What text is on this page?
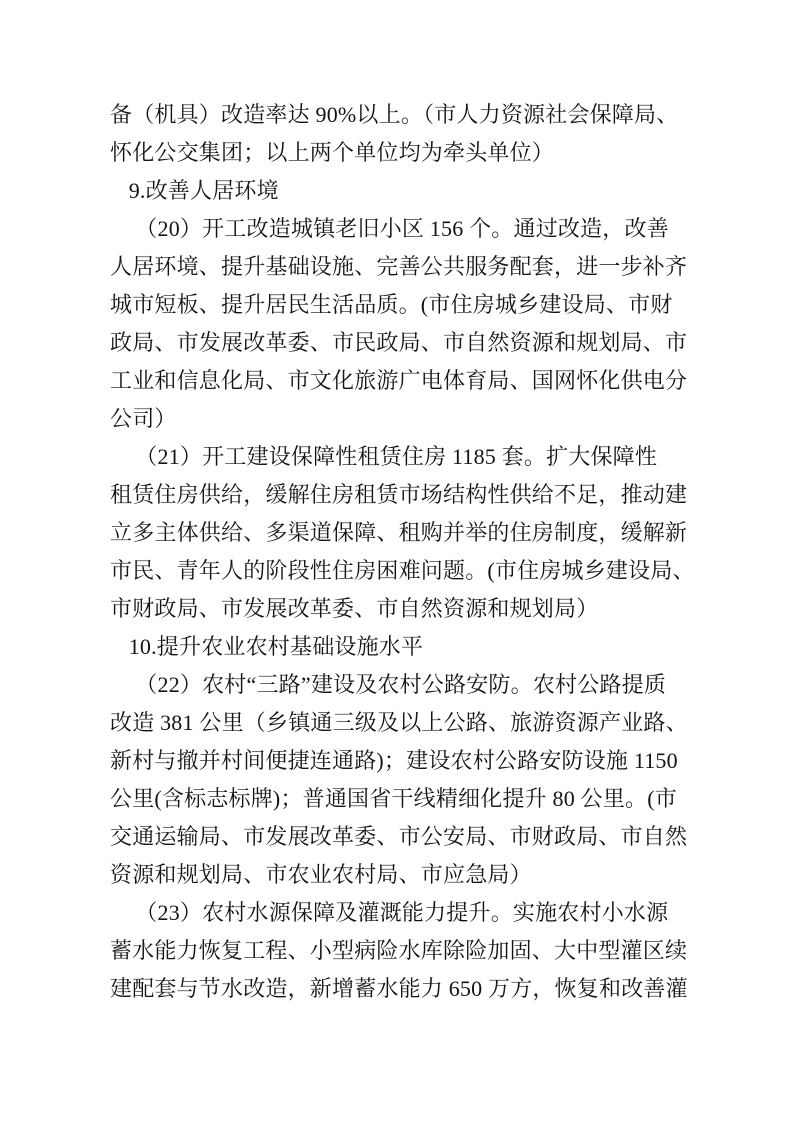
备（机具）改造率达 90%以上。（市人力资源社会保障局、
怀化公交集团；以上两个单位均为牵头单位）
9.改善人居环境
（20）开工改造城镇老旧小区 156 个。通过改造，改善
人居环境、提升基础设施、完善公共服务配套，进一步补齐
城市短板、提升居民生活品质。(市住房城乡建设局、市财
政局、市发展改革委、市民政局、市自然资源和规划局、市
工业和信息化局、市文化旅游广电体育局、国网怀化供电分
公司）
（21）开工建设保障性租赁住房 1185 套。扩大保障性
租赁住房供给，缓解住房租赁市场结构性供给不足，推动建
立多主体供给、多渠道保障、租购并举的住房制度，缓解新
市民、青年人的阶段性住房困难问题。(市住房城乡建设局、
市财政局、市发展改革委、市自然资源和规划局）
10.提升农业农村基础设施水平
（22）农村“三路”建设及农村公路安防。农村公路提质
改造 381 公里（乡镇通三级及以上公路、旅游资源产业路、
新村与撤并村间便捷连通路)；建设农村公路安防设施 1150
公里(含标志标牌)；普通国省干线精细化提升 80 公里。(市
交通运输局、市发展改革委、市公安局、市财政局、市自然
资源和规划局、市农业农村局、市应急局）
（23）农村水源保障及灌溉能力提升。实施农村小水源
蓄水能力恢复工程、小型病险水库除险加固、大中型灌区续
建配套与节水改造，新增蓄水能力 650 万方，恢复和改善灌
